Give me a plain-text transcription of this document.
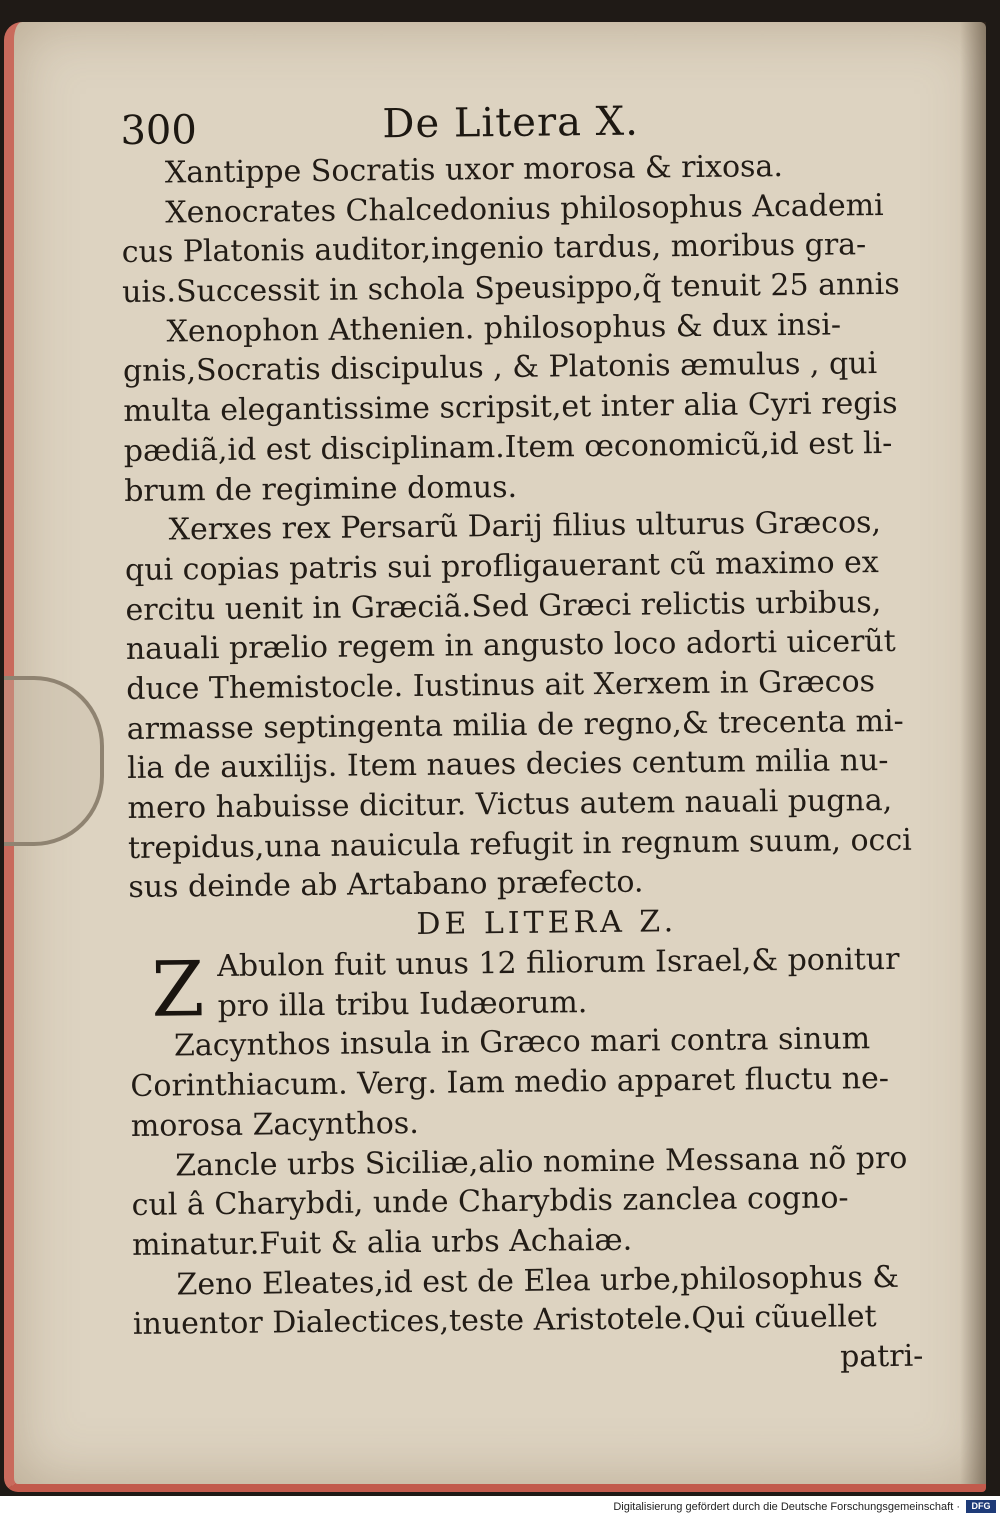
300	De Litera X.
Xantippe Socratis uxor morosa & rixosa.
Xenocrates Chalcedonius philosophus Academi
cus Platonis auditor,ingenio tardus, moribus gra-
uis.Successit in schola Speusippo,q̃ tenuit 25 annis
Xenophon Athenien. philosophus & dux insi-
gnis,Socratis discipulus , & Platonis æmulus , qui
multa elegantissime scripsit,et inter alia Cyri regis
pædiã,id est disciplinam.Item œconomicũ,id est li-
brum de regimine domus.
Xerxes rex Persarũ Darij filius ulturus Græcos,
qui copias patris sui profligauerant cũ maximo ex
ercitu uenit in Græciã.Sed Græci relictis urbibus,
nauali prælio regem in angusto loco adorti uicerũt
duce Themistocle. Iustinus ait Xerxem in Græcos
armasse septingenta milia de regno,& trecenta mi-
lia de auxilijs. Item naues decies centum milia nu-
mero habuisse dicitur. Victus autem nauali pugna,
trepidus,una nauicula refugit in regnum suum, occi
sus deinde ab Artabano præfecto.
DE LITERA Z.
Z Abulon fuit unus 12 filiorum Israel,& ponitur
pro illa tribu Iudæorum.
Zacynthos insula in Græco mari contra sinum
Corinthiacum. Verg. Iam medio apparet fluctu ne-
morosa Zacynthos.
Zancle urbs Siciliæ,alio nomine Messana nõ pro
cul â Charybdi, unde Charybdis zanclea cogno-
minatur.Fuit & alia urbs Achaiæ.
Zeno Eleates,id est de Elea urbe,philosophus &
inuentor Dialectices,teste Aristotele.Qui cũuellet
patri-
Digitalisierung gefördert durch die Deutsche Forschungsgemeinschaft ·	DFG
